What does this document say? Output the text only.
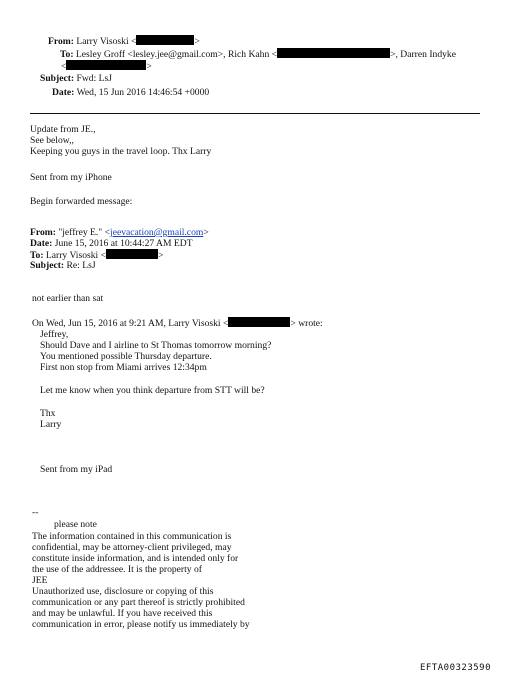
From: Larry Visoski <	>
To: Lesley Groff <lesley.jee@gmail.com>, Rich Kahn <	>, Darren Indyke
<	>
Subject: Fwd: LsJ
Date: Wed, 15 Jun 2016 14:46:54 +0000
Update from JE.,
See below,,
Keeping you guys in the travel loop. Thx Larry
Sent from my iPhone
Begin forwarded message:
From: "jeffrey E." <jeevacation@gmail.com>
Date: June 15, 2016 at 10:44:27 AM EDT
To: Larry Visoski <	>
Subject: Re: LsJ
not earlier than sat
On Wed, Jun 15, 2016 at 9:21 AM, Larry Visoski <	> wrote:
Jeffrey,
Should Dave and I airline to St Thomas tomorrow morning?
You mentioned possible Thursday departure.
First non stop from Miami arrives 12:34pm
Let me know when you think departure from STT will be?
Thx
Larry
Sent from my iPad
--
please note
The information contained in this communication is
confidential, may be attorney-client privileged, may
constitute inside information, and is intended only for
the use of the addressee. It is the property of
JEE
Unauthorized use, disclosure or copying of this
communication or any part thereof is strictly prohibited
and may be unlawful. If you have received this
communication in error, please notify us immediately by
EFTA00323590
